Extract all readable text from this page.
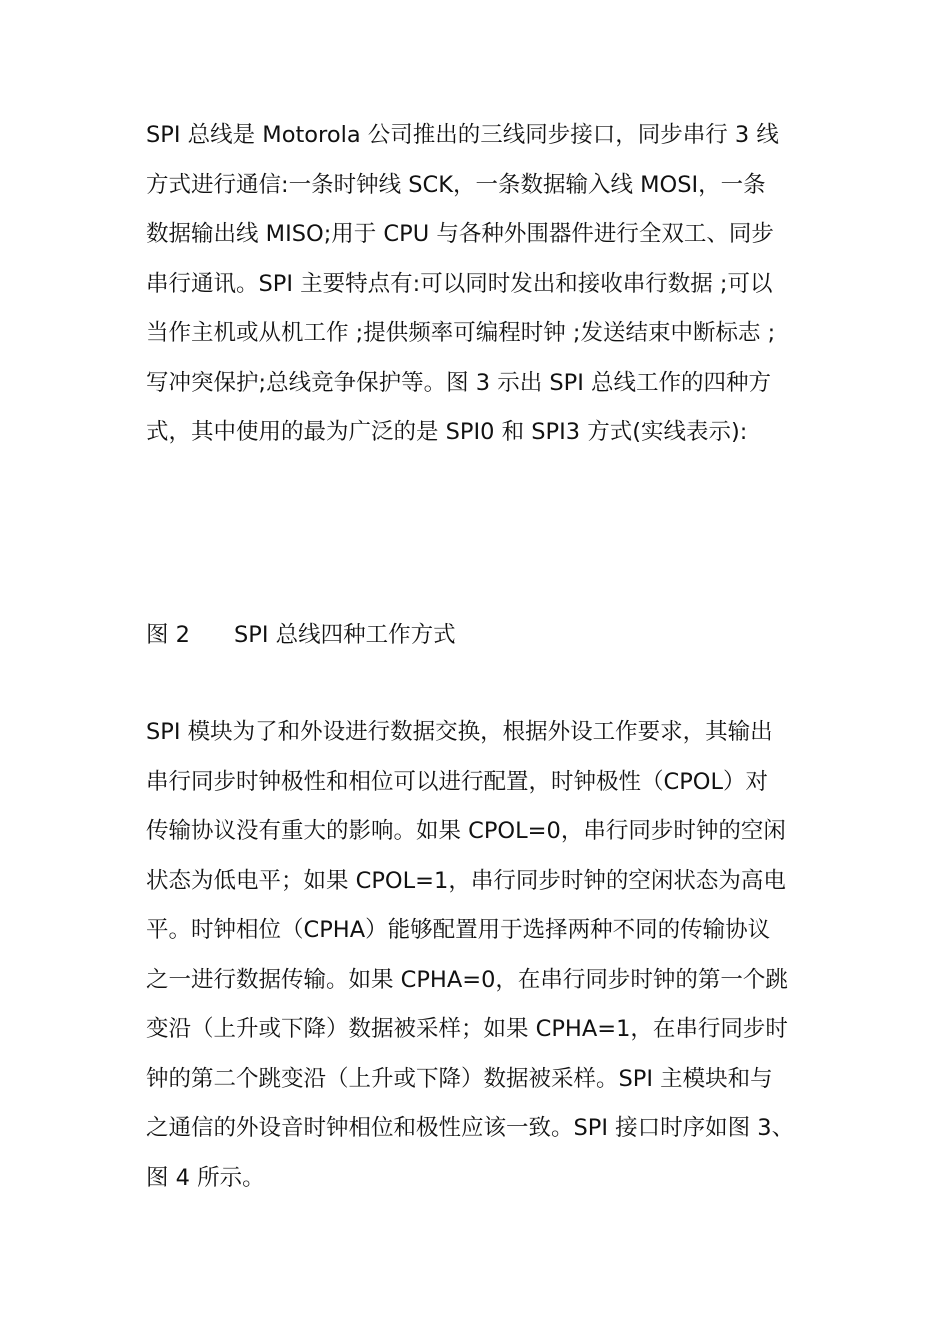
SPI 总线是 Motorola 公司推出的三线同步接口，同步串行 3 线
方式进行通信:一条时钟线 SCK，一条数据输入线 MOSI，一条
数据输出线 MISO;用于 CPU 与各种外围器件进行全双工、同步
串行通讯。SPI 主要特点有:可以同时发出和接收串行数据 ;可以
当作主机或从机工作 ;提供频率可编程时钟 ;发送结束中断标志 ;
写冲突保护;总线竞争保护等。图 3 示出 SPI 总线工作的四种方
式，其中使用的最为广泛的是 SPI0 和 SPI3 方式(实线表示):

图 2 SPI 总线四种工作方式

SPI 模块为了和外设进行数据交换，根据外设工作要求，其输出
串行同步时钟极性和相位可以进行配置，时钟极性（CPOL）对
传输协议没有重大的影响。如果 CPOL=0，串行同步时钟的空闲
状态为低电平；如果 CPOL=1，串行同步时钟的空闲状态为高电
平。时钟相位（CPHA）能够配置用于选择两种不同的传输协议
之一进行数据传输。如果 CPHA=0，在串行同步时钟的第一个跳
变沿（上升或下降）数据被采样；如果 CPHA=1，在串行同步时
钟的第二个跳变沿（上升或下降）数据被采样。SPI 主模块和与
之通信的外设音时钟相位和极性应该一致。SPI 接口时序如图 3、
图 4 所示。
